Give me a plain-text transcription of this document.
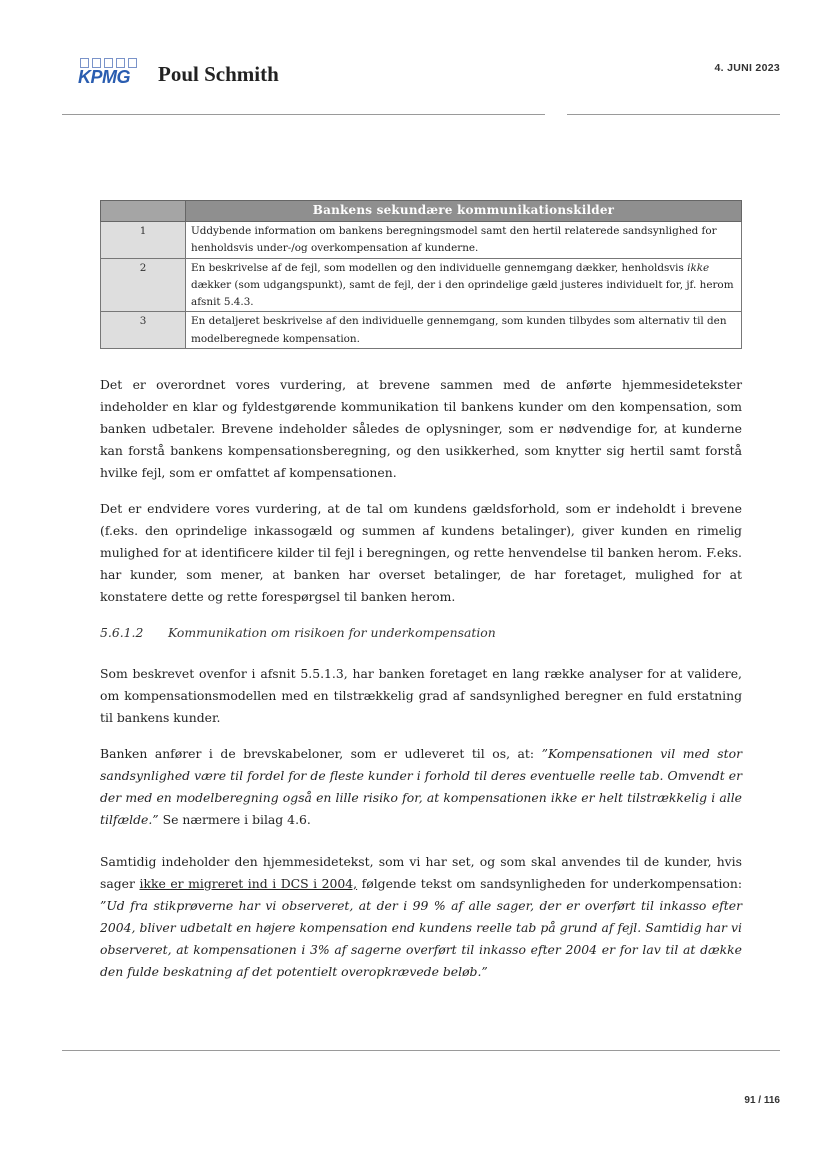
KPMG Poul Schmith	4. JUNI 2023
	Bankens sekundære kommunikationskilder
1	Uddybende information om bankens beregningsmodel samt den hertil relaterede sandsynlighed for henholdsvis under-/og overkompensation af kunderne.
2	En beskrivelse af de fejl, som modellen og den individuelle gennemgang dækker, henholdsvis ikke dækker (som udgangspunkt), samt de fejl, der i den oprindelige gæld justeres individuelt for, jf. herom afsnit 5.4.3.
3	En detaljeret beskrivelse af den individuelle gennemgang, som kunden tilbydes som alternativ til den modelberegnede kompensation.
Det er overordnet vores vurdering, at brevene sammen med de anførte hjemmesidetekster indeholder en klar og fyldestgørende kommunikation til bankens kunder om den kompensation, som banken udbetaler. Brevene indeholder således de oplysninger, som er nødvendige for, at kunderne kan forstå bankens kompensationsberegning, og den usikkerhed, som knytter sig hertil samt forstå hvilke fejl, som er omfattet af kompensationen.
Det er endvidere vores vurdering, at de tal om kundens gældsforhold, som er indeholdt i brevene (f.eks. den oprindelige inkassogæld og summen af kundens betalinger), giver kunden en rimelig mulighed for at identificere kilder til fejl i beregningen, og rette henvendelse til banken herom. F.eks. har kunder, som mener, at banken har overset betalinger, de har foretaget, mulighed for at konstatere dette og rette forespørgsel til banken herom.
5.6.1.2 Kommunikation om risikoen for underkompensation
Som beskrevet ovenfor i afsnit 5.5.1.3, har banken foretaget en lang række analyser for at validere, om kompensationsmodellen med en tilstrækkelig grad af sandsynlighed beregner en fuld erstatning til bankens kunder.
Banken anfører i de brevskabeloner, som er udleveret til os, at: ”Kompensationen vil med stor sandsynlighed være til fordel for de fleste kunder i forhold til deres eventuelle reelle tab. Omvendt er der med en modelberegning også en lille risiko for, at kompensationen ikke er helt tilstrækkelig i alle tilfælde.” Se nærmere i bilag 4.6.
Samtidig indeholder den hjemmesidetekst, som vi har set, og som skal anvendes til de kunder, hvis sager ikke er migreret ind i DCS i 2004, følgende tekst om sandsynligheden for underkompensation: ”Ud fra stikprøverne har vi observeret, at der i 99 % af alle sager, der er overført til inkasso efter 2004, bliver udbetalt en højere kompensation end kundens reelle tab på grund af fejl. Samtidig har vi observeret, at kompensationen i 3% af sagerne overført til inkasso efter 2004 er for lav til at dække den fulde beskatning af det potentielt overopkrævede beløb.”
91 / 116
